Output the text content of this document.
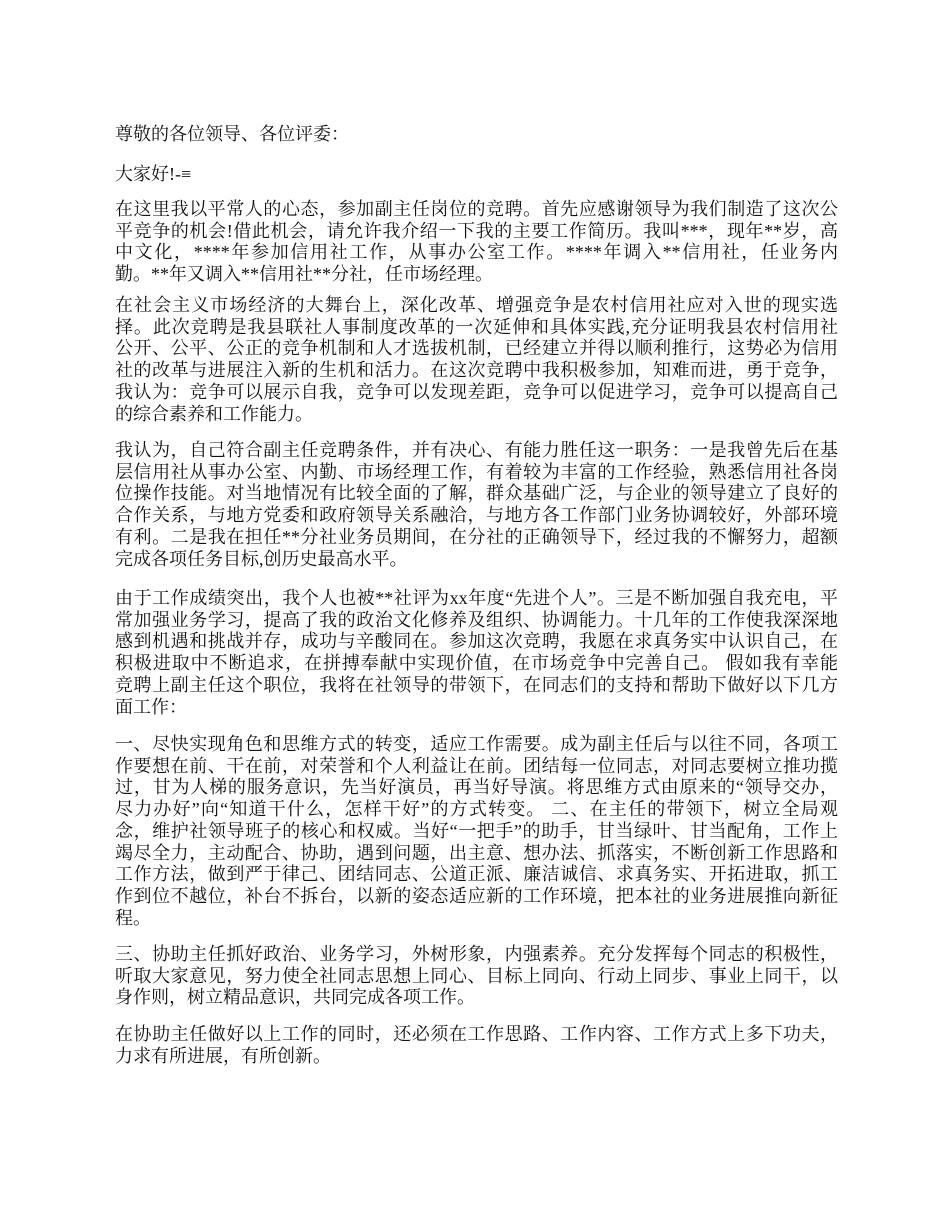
尊敬的各位领导、各位评委：
大家好!-≡
在这里我以平常人的心态，参加副主任岗位的竞聘。首先应感谢领导为我们制造了这次公
平竞争的机会!借此机会，请允许我介绍一下我的主要工作简历。我叫***，现年**岁，高
中文化，****年参加信用社工作，从事办公室工作。****年调入**信用社，任业务内
勤。**年又调入**信用社**分社，任市场经理。
在社会主义市场经济的大舞台上，深化改革、增强竞争是农村信用社应对入世的现实选
择。此次竞聘是我县联社人事制度改革的一次延伸和具体实践,充分证明我县农村信用社
公开、公平、公正的竞争机制和人才选拔机制，已经建立并得以顺利推行，这势必为信用
社的改革与进展注入新的生机和活力。在这次竞聘中我积极参加，知难而进，勇于竞争，
我认为：竞争可以展示自我，竞争可以发现差距，竞争可以促进学习，竞争可以提高自己
的综合素养和工作能力。
我认为，自己符合副主任竞聘条件，并有决心、有能力胜任这一职务：一是我曾先后在基
层信用社从事办公室、内勤、市场经理工作，有着较为丰富的工作经验，熟悉信用社各岗
位操作技能。对当地情况有比较全面的了解，群众基础广泛，与企业的领导建立了良好的
合作关系，与地方党委和政府领导关系融洽，与地方各工作部门业务协调较好，外部环境
有利。二是我在担任**分社业务员期间，在分社的正确领导下，经过我的不懈努力，超额
完成各项任务目标,创历史最高水平。
由于工作成绩突出，我个人也被**社评为xx年度“先进个人”。三是不断加强自我充电，平
常加强业务学习，提高了我的政治文化修养及组织、协调能力。十几年的工作使我深深地
感到机遇和挑战并存，成功与辛酸同在。参加这次竞聘，我愿在求真务实中认识自己，在
积极进取中不断追求，在拼搏奉献中实现价值，在市场竞争中完善自己。 假如我有幸能
竞聘上副主任这个职位，我将在社领导的带领下，在同志们的支持和帮助下做好以下几方
面工作：
一、尽快实现角色和思维方式的转变，适应工作需要。成为副主任后与以往不同，各项工
作要想在前、干在前，对荣誉和个人利益让在前。团结每一位同志，对同志要树立推功揽
过，甘为人梯的服务意识，先当好演员，再当好导演。将思维方式由原来的“领导交办，
尽力办好”向“知道干什么，怎样干好”的方式转变。 二、在主任的带领下，树立全局观
念，维护社领导班子的核心和权威。当好“一把手”的助手，甘当绿叶、甘当配角，工作上
竭尽全力，主动配合、协助，遇到问题，出主意、想办法、抓落实，不断创新工作思路和
工作方法，做到严于律己、团结同志、公道正派、廉洁诚信、求真务实、开拓进取，抓工
作到位不越位，补台不拆台，以新的姿态适应新的工作环境，把本社的业务进展推向新征
程。
三、协助主任抓好政治、业务学习，外树形象，内强素养。充分发挥每个同志的积极性，
听取大家意见，努力使全社同志思想上同心、目标上同向、行动上同步、事业上同干，以
身作则，树立精品意识，共同完成各项工作。
在协助主任做好以上工作的同时，还必须在工作思路、工作内容、工作方式上多下功夫，
力求有所进展，有所创新。
